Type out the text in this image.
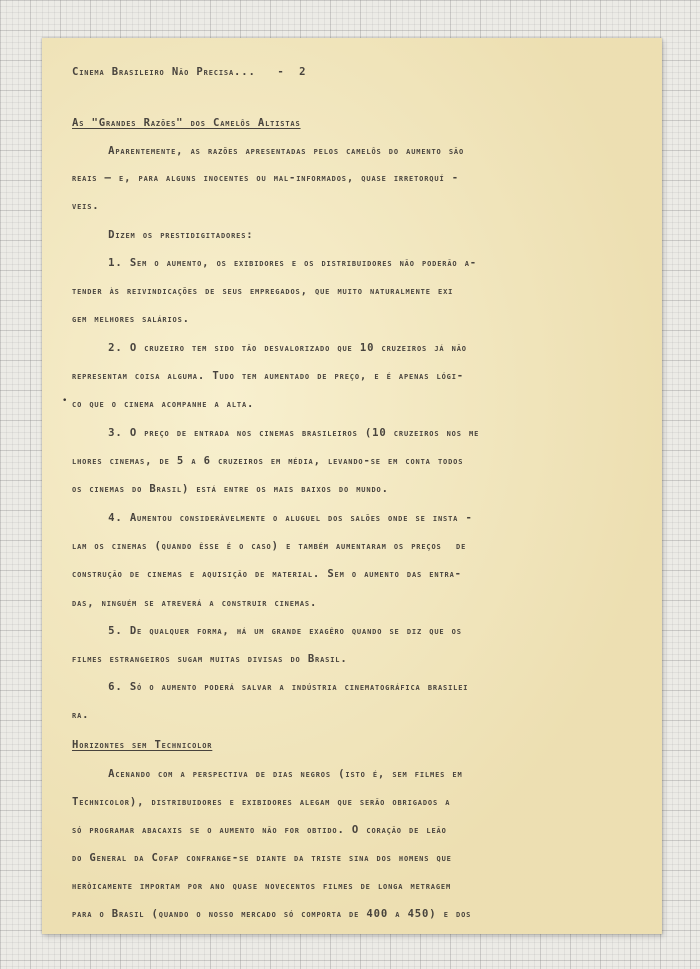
•
Cinema Brasileiro Não Precisa...   -  2
As "Grandes Razões" dos Camelôs Altistas
Aparentemente, as razões apresentadas pelos camelôs do aumento são
reais — e, para alguns inocentes ou mal-informados, quase irretorquí -
veis.
Dizem os prestidigitadores:
1. Sem o aumento, os exibidores e os distribuidores não poderão a-
tender às reivindicações de seus empregados, que muito naturalmente exi
gem melhores salários.
2. O cruzeiro tem sido tão desvalorizado que 10 cruzeiros já não
representam coisa alguma. Tudo tem aumentado de preço, e é apenas lógi-
co que o cinema acompanhe a alta.
3. O preço de entrada nos cinemas brasileiros (10 cruzeiros nos me
lhores cinemas, de 5 a 6 cruzeiros em média, levando-se em conta todos
os cinemas do Brasil) está entre os mais baixos do mundo.
4. Aumentou consideràvelmente o aluguel dos salões onde se insta -
lam os cinemas (quando êsse é o caso) e também aumentaram os preços  de
construção de cinemas e aquisição de material. Sem o aumento das entra-
das, ninguém se atreverá a construir cinemas.
5. De qualquer forma, há um grande exagêro quando se diz que os
filmes estrangeiros sugam muitas divisas do Brasil.
6. Só o aumento poderá salvar a indústria cinematográfica brasilei
ra.
Horizontes sem Technicolor
Acenando com a perspectiva de dias negros (isto é, sem filmes em
Technicolor), distribuidores e exibidores alegam que serão obrigados a
só programar abacaxis se o aumento não for obtido. O coração de leão
do General da Cofap confrange-se diante da triste sina dos homens que
heròicamente importam por ano quase novecentos filmes de longa metragem
para o Brasil (quando o nosso mercado só comporta de 400 a 450) e dos
